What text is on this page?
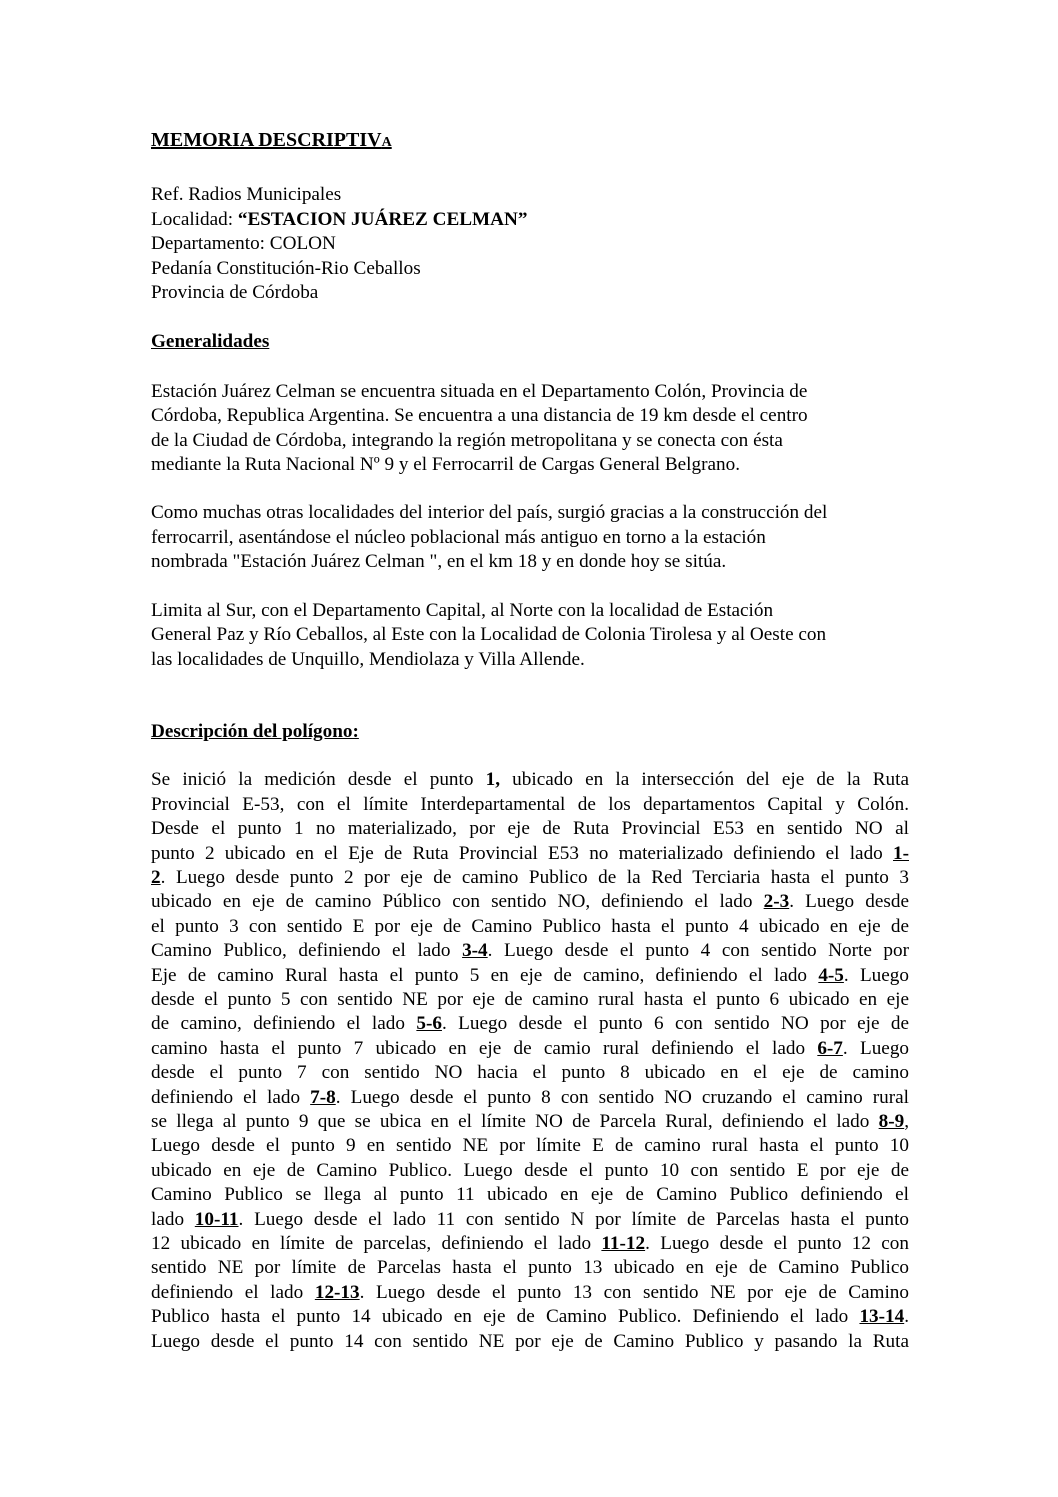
MEMORIA DESCRIPTIVA

Ref. Radios Municipales

Localidad: “ESTACION JUÁREZ CELMAN”

Departamento: COLON

Pedanía Constitución-Rio Ceballos

Provincia de Córdoba

Generalidades

Estación Juárez Celman se encuentra situada en el Departamento Colón, Provincia de
Córdoba, Republica Argentina. Se encuentra a una distancia de 19 km desde el centro
de la Ciudad de Córdoba, integrando la región metropolitana y se conecta con ésta
mediante la Ruta Nacional Nº 9 y el Ferrocarril de Cargas General Belgrano.
Como muchas otras localidades del interior del país, surgió gracias a la construcción del
ferrocarril, asentándose el núcleo poblacional más antiguo en torno a la estación
nombrada "Estación Juárez Celman ", en el km 18 y en donde hoy se sitúa.
Limita al Sur, con el Departamento Capital, al Norte con la localidad de Estación
General Paz y Río Ceballos, al Este con la Localidad de Colonia Tirolesa y al Oeste con
las localidades de Unquillo, Mendiolaza y Villa Allende.

Descripción del polígono:

Se inició la medición desde el punto 1, ubicado en la intersección del eje de la Ruta
Provincial E-53, con el límite Interdepartamental de los departamentos Capital y Colón.
Desde el punto 1 no materializado, por eje de Ruta Provincial E53 en sentido NO al
punto 2 ubicado en el Eje de Ruta Provincial E53 no materializado definiendo el lado 1-
2. Luego desde punto 2 por eje de camino Publico de la Red Terciaria hasta el punto 3
ubicado en eje de camino Público con sentido NO, definiendo el lado 2-3. Luego desde
el punto 3 con sentido E por eje de Camino Publico hasta el punto 4 ubicado en eje de
Camino Publico, definiendo el lado 3-4. Luego desde el punto 4 con sentido Norte por
Eje de camino Rural hasta el punto 5 en eje de camino, definiendo el lado 4-5. Luego
desde el punto 5 con sentido NE por eje de camino rural hasta el punto 6 ubicado en eje
de camino, definiendo el lado 5-6. Luego desde el punto 6 con sentido NO por eje de
camino hasta el punto 7 ubicado en eje de camio rural definiendo el lado 6-7. Luego
desde el punto 7 con sentido NO hacia el punto 8 ubicado en el eje de camino
definiendo el lado 7-8. Luego desde el punto 8 con sentido NO cruzando el camino rural
se llega al punto 9 que se ubica en el límite NO de Parcela Rural, definiendo el lado 8-9,
Luego desde el punto 9 en sentido NE por límite E de camino rural hasta el punto 10
ubicado en eje de Camino Publico. Luego desde el punto 10 con sentido E por eje de
Camino Publico se llega al punto 11 ubicado en eje de Camino Publico definiendo el
lado 10-11. Luego desde el lado 11 con sentido N por límite de Parcelas hasta el punto
12 ubicado en límite de parcelas, definiendo el lado 11-12. Luego desde el punto 12 con
sentido NE por límite de Parcelas hasta el punto 13 ubicado en eje de Camino Publico
definiendo el lado 12-13. Luego desde el punto 13 con sentido NE por eje de Camino
Publico hasta el punto 14 ubicado en eje de Camino Publico. Definiendo el lado 13-14.
Luego desde el punto 14 con sentido NE por eje de Camino Publico y pasando la Ruta
